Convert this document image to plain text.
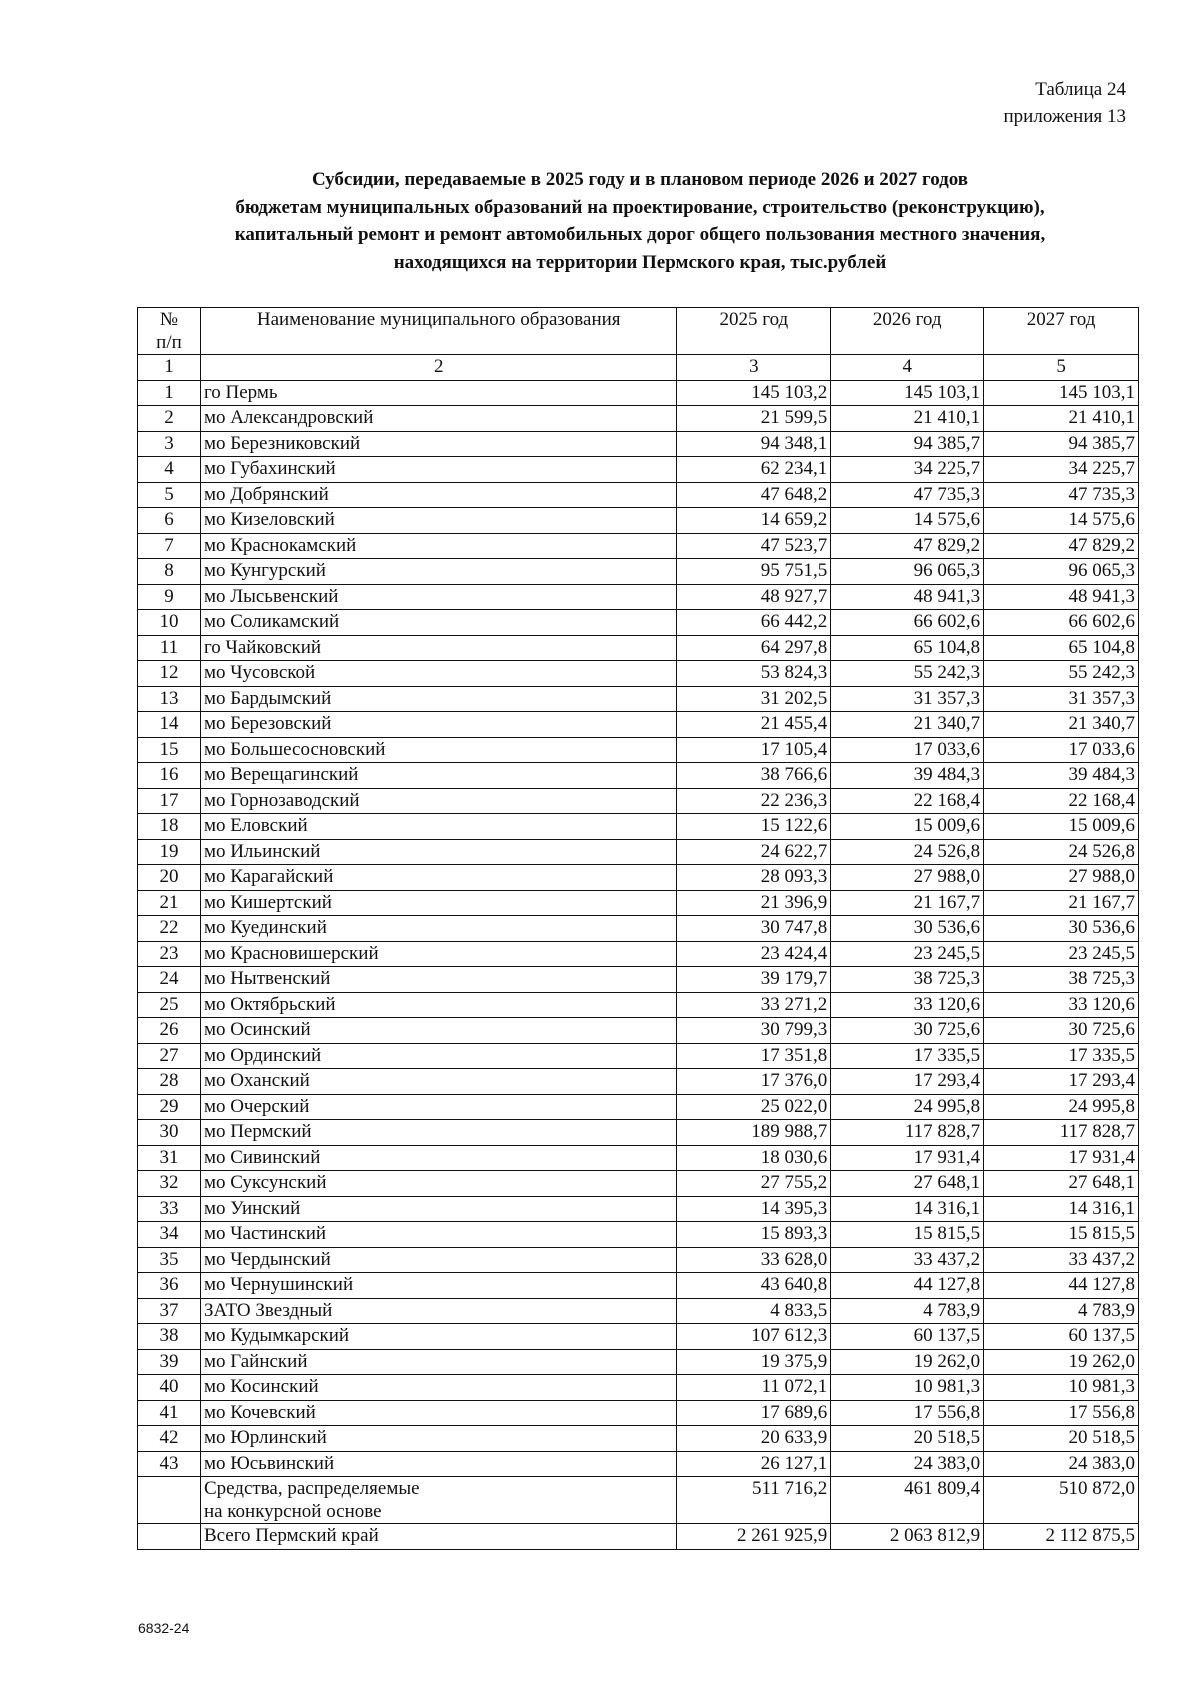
Таблица 24
приложения 13
Субсидии, передаваемые в 2025 году и в плановом периоде 2026 и 2027 годов
бюджетам муниципальных образований на проектирование, строительство (реконструкцию),
капитальный ремонт и ремонт автомобильных дорог общего пользования местного значения,
находящихся на территории Пермского края, тыс.рублей
№
п/п	Наименование муниципального образования	2025 год	2026 год	2027 год
1	2	3	4	5
1	го Пермь	145 103,2	145 103,1	145 103,1
2	мо Александровский	21 599,5	21 410,1	21 410,1
3	мо Березниковский	94 348,1	94 385,7	94 385,7
4	мо Губахинский	62 234,1	34 225,7	34 225,7
5	мо Добрянский	47 648,2	47 735,3	47 735,3
6	мо Кизеловский	14 659,2	14 575,6	14 575,6
7	мо Краснокамский	47 523,7	47 829,2	47 829,2
8	мо Кунгурский	95 751,5	96 065,3	96 065,3
9	мо Лысьвенский	48 927,7	48 941,3	48 941,3
10	мо Соликамский	66 442,2	66 602,6	66 602,6
11	го Чайковский	64 297,8	65 104,8	65 104,8
12	мо Чусовской	53 824,3	55 242,3	55 242,3
13	мо Бардымский	31 202,5	31 357,3	31 357,3
14	мо Березовский	21 455,4	21 340,7	21 340,7
15	мо Большесосновский	17 105,4	17 033,6	17 033,6
16	мо Верещагинский	38 766,6	39 484,3	39 484,3
17	мо Горнозаводский	22 236,3	22 168,4	22 168,4
18	мо Еловский	15 122,6	15 009,6	15 009,6
19	мо Ильинский	24 622,7	24 526,8	24 526,8
20	мо Карагайский	28 093,3	27 988,0	27 988,0
21	мо Кишертский	21 396,9	21 167,7	21 167,7
22	мо Куединский	30 747,8	30 536,6	30 536,6
23	мо Красновишерский	23 424,4	23 245,5	23 245,5
24	мо Нытвенский	39 179,7	38 725,3	38 725,3
25	мо Октябрьский	33 271,2	33 120,6	33 120,6
26	мо Осинский	30 799,3	30 725,6	30 725,6
27	мо Ординский	17 351,8	17 335,5	17 335,5
28	мо Оханский	17 376,0	17 293,4	17 293,4
29	мо Очерский	25 022,0	24 995,8	24 995,8
30	мо Пермский	189 988,7	117 828,7	117 828,7
31	мо Сивинский	18 030,6	17 931,4	17 931,4
32	мо Суксунский	27 755,2	27 648,1	27 648,1
33	мо Уинский	14 395,3	14 316,1	14 316,1
34	мо Частинский	15 893,3	15 815,5	15 815,5
35	мо Чердынский	33 628,0	33 437,2	33 437,2
36	мо Чернушинский	43 640,8	44 127,8	44 127,8
37	ЗАТО Звездный	4 833,5	4 783,9	4 783,9
38	мо Кудымкарский	107 612,3	60 137,5	60 137,5
39	мо Гайнский	19 375,9	19 262,0	19 262,0
40	мо Косинский	11 072,1	10 981,3	10 981,3
41	мо Кочевский	17 689,6	17 556,8	17 556,8
42	мо Юрлинский	20 633,9	20 518,5	20 518,5
43	мо Юсьвинский	26 127,1	24 383,0	24 383,0

	Средства, распределяемые
на конкурсной основе	511 716,2	461 809,4	510 872,0
	Всего Пермский край	2 261 925,9	2 063 812,9	2 112 875,5
6832-24
